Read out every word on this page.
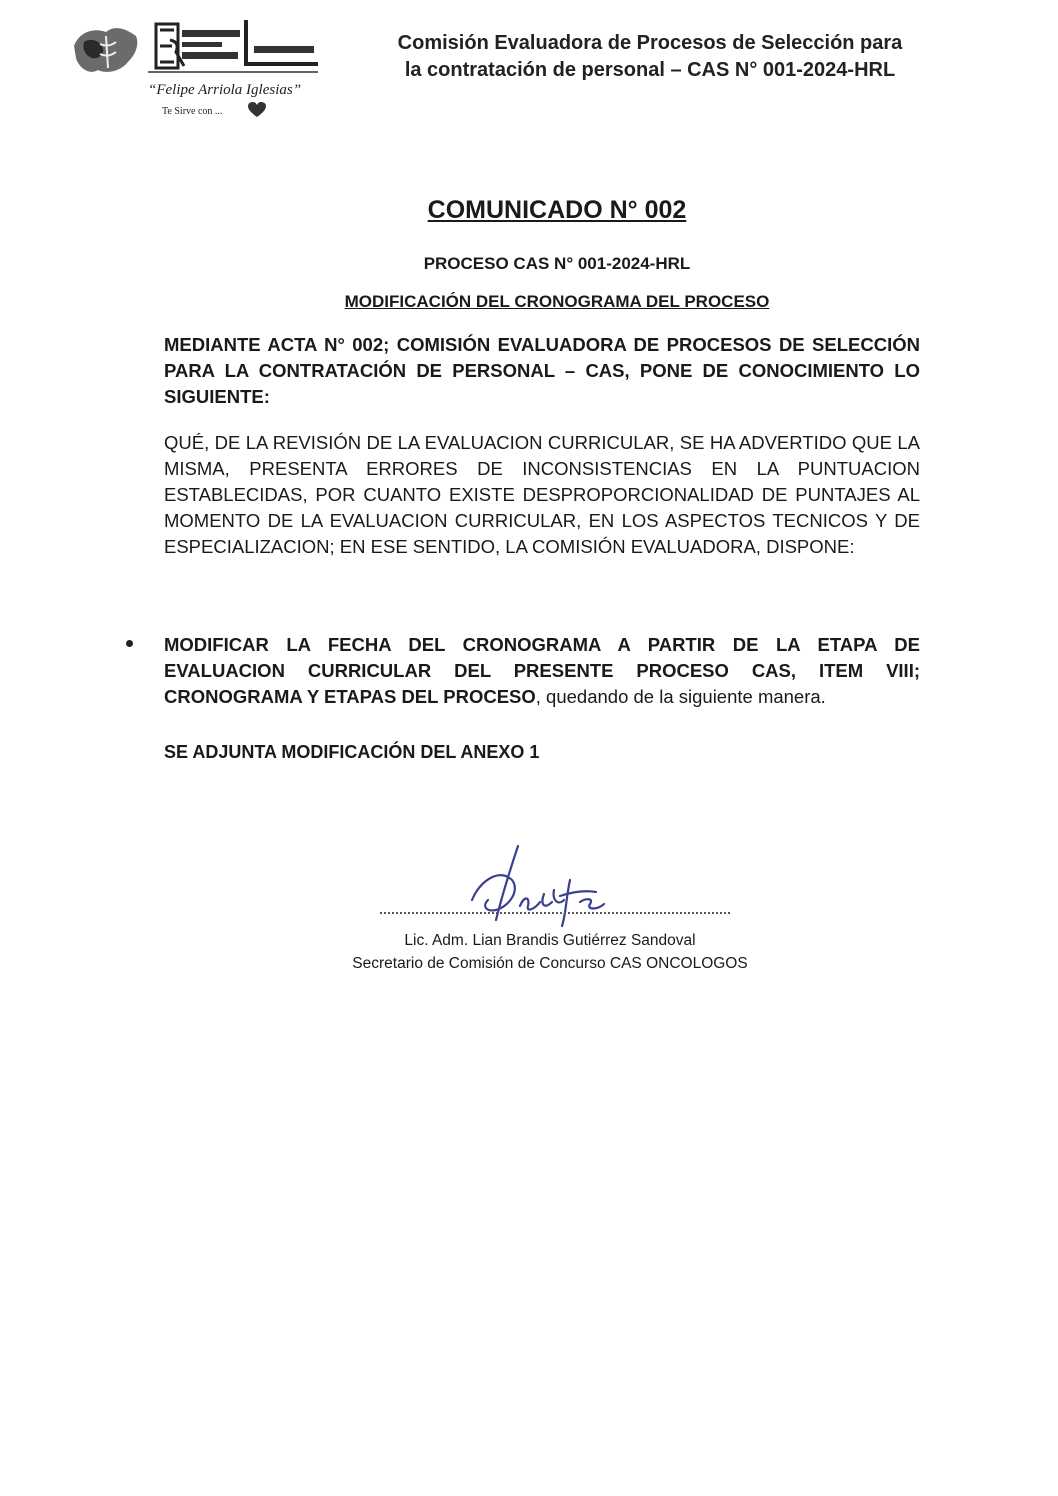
“Felipe Arriola Iglesias”
Te Sirve con ...
Comisión Evaluadora de Procesos de Selección para
la contratación de personal – CAS N° 001-2024-HRL
COMUNICADO N° 002
PROCESO CAS N° 001-2024-HRL
MODIFICACIÓN DEL CRONOGRAMA DEL PROCESO
MEDIANTE ACTA N° 002; COMISIÓN EVALUADORA DE PROCESOS DE SELECCIÓN PARA LA CONTRATACIÓN DE PERSONAL – CAS, PONE DE CONOCIMIENTO LO SIGUIENTE:
QUÉ, DE LA REVISIÓN DE LA EVALUACION CURRICULAR, SE HA ADVERTIDO QUE LA MISMA, PRESENTA ERRORES DE INCONSISTENCIAS EN LA PUNTUACION ESTABLECIDAS, POR CUANTO EXISTE DESPROPORCIONALIDAD DE PUNTAJES AL MOMENTO DE LA EVALUACION CURRICULAR, EN LOS ASPECTOS TECNICOS Y DE ESPECIALIZACION; EN ESE SENTIDO, LA COMISIÓN EVALUADORA, DISPONE:
MODIFICAR LA FECHA DEL CRONOGRAMA A PARTIR DE LA ETAPA DE EVALUACION CURRICULAR DEL PRESENTE PROCESO CAS, ITEM VIII; CRONOGRAMA Y ETAPAS DEL PROCESO, quedando de la siguiente manera.
SE ADJUNTA MODIFICACIÓN DEL ANEXO 1
Lic. Adm. Lian Brandis Gutiérrez Sandoval
Secretario de Comisión de Concurso CAS ONCOLOGOS
